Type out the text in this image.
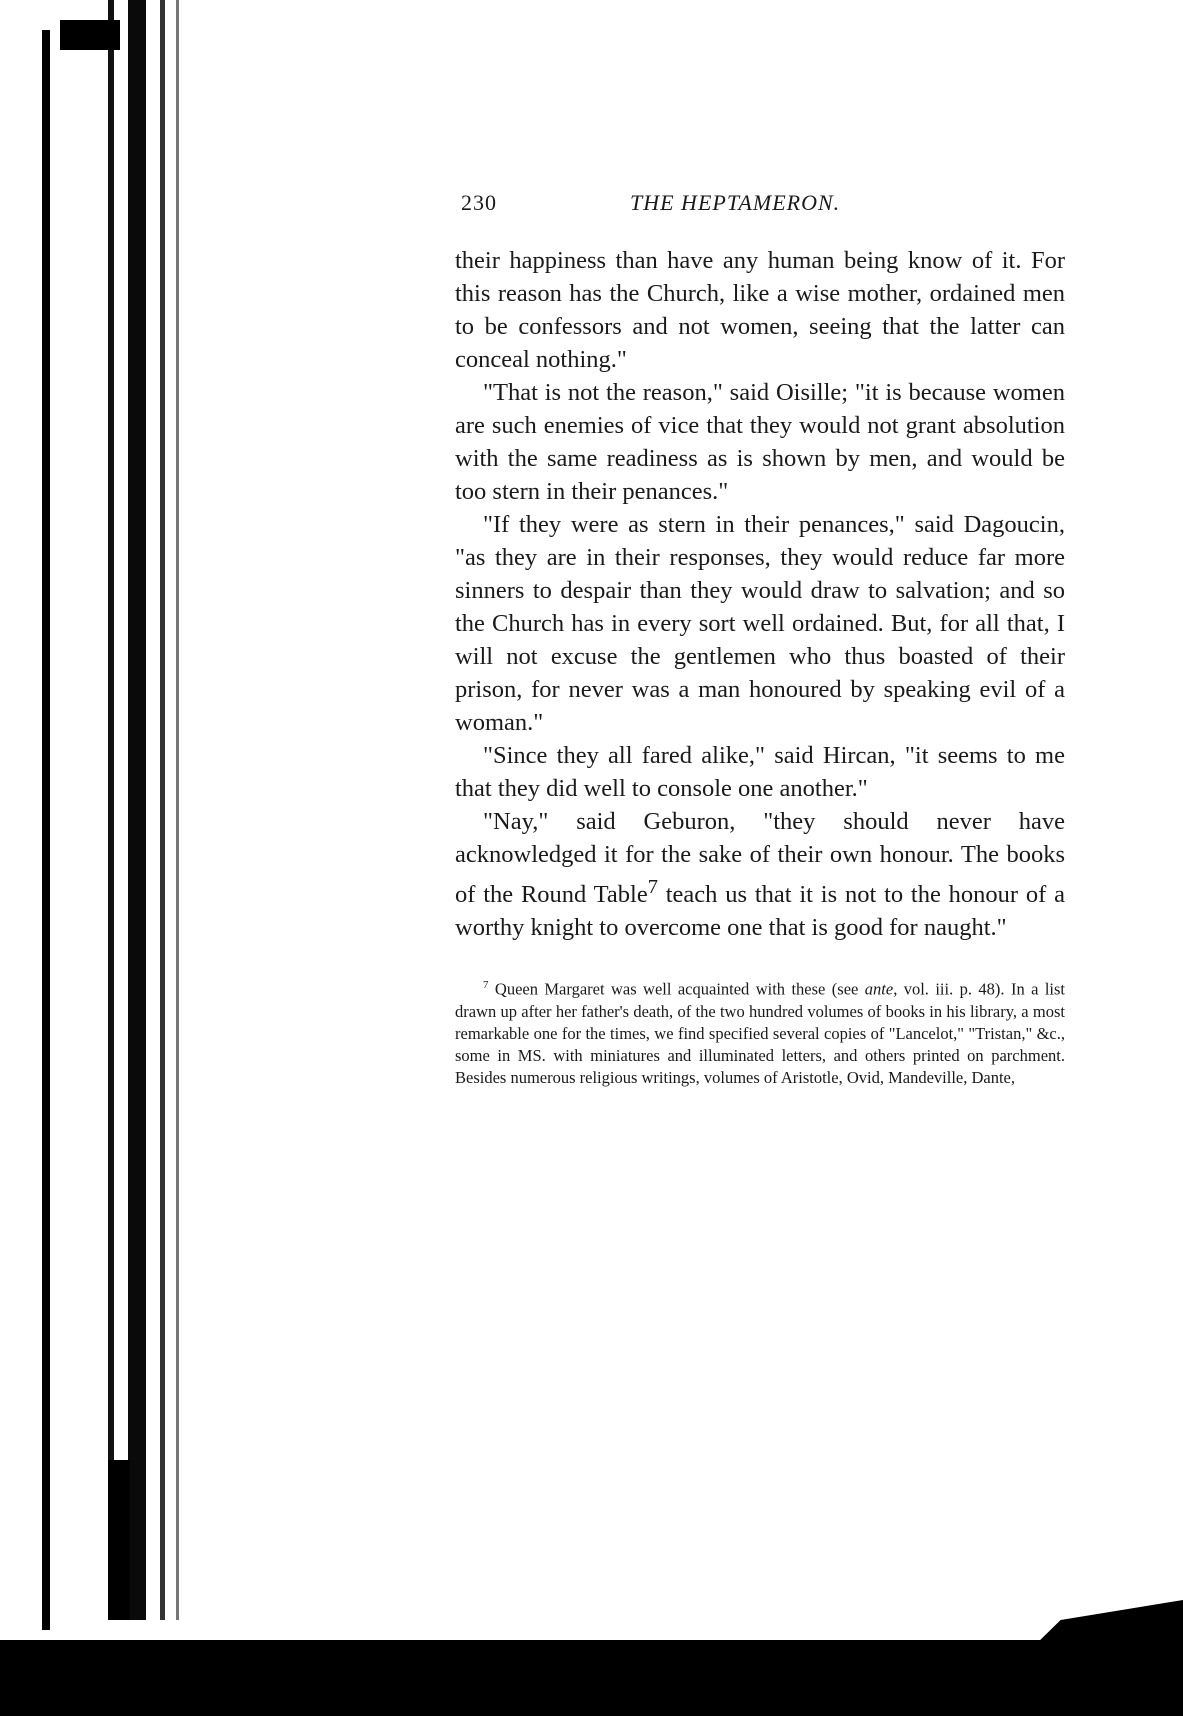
230	THE HEPTAMERON.

their happiness than have any human being know of it. For this reason has the Church, like a wise mother, ordained men to be confessors and not women, seeing that the latter can conceal nothing."

"That is not the reason," said Oisille; "it is because women are such enemies of vice that they would not grant absolution with the same readiness as is shown by men, and would be too stern in their penances."

"If they were as stern in their penances," said Dagoucin, "as they are in their responses, they would reduce far more sinners to despair than they would draw to salvation; and so the Church has in every sort well ordained. But, for all that, I will not excuse the gentlemen who thus boasted of their prison, for never was a man honoured by speaking evil of a woman."

"Since they all fared alike," said Hircan, "it seems to me that they did well to console one another."

"Nay," said Geburon, "they should never have acknowledged it for the sake of their own honour. The books of the Round Table$^7$ teach us that it is not to the honour of a worthy knight to overcome one that is good for naught."

$^7$ Queen Margaret was well acquainted with these (see ante, vol. iii. p. 48). In a list drawn up after her father's death, of the two hundred volumes of books in his library, a most remarkable one for the times, we find specified several copies of "Lancelot," "Tristan," &c., some in MS. with miniatures and illuminated letters, and others printed on parchment. Besides numerous religious writings, volumes of Aristotle, Ovid, Mandeville, Dante,
